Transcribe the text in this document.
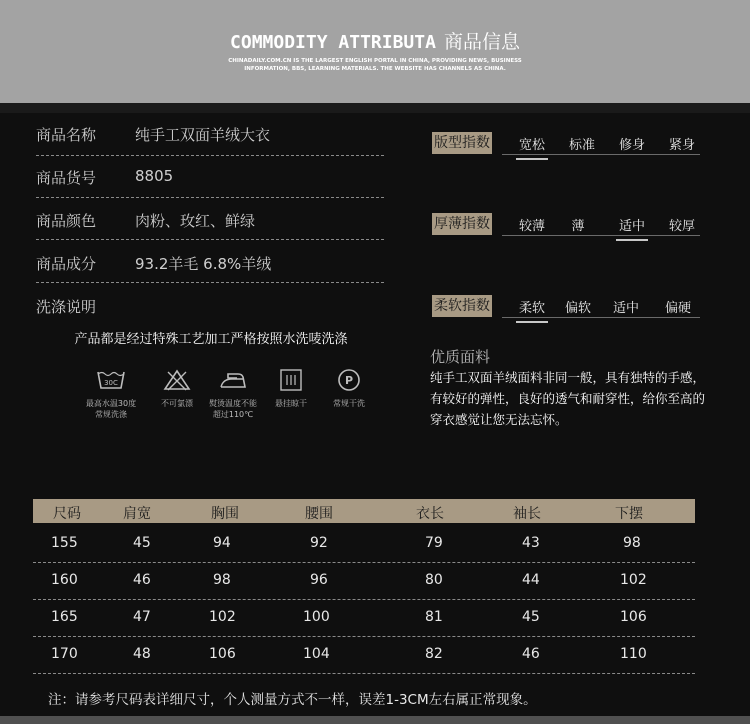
COMMODITY ATTRIBUTA 商品信息
CHINADAILY.COM.CN IS THE LARGEST ENGLISH PORTAL IN CHINA, PROVIDING NEWS, BUSINESS
INFORMATION, BBS, LEARNING MATERIALS. THE WEBSITE HAS CHANNELS AS CHINA.
商品名称	纯手工双面羊绒大衣
商品货号	8805
商品颜色	肉粉、玫红、鲜绿
商品成分	93.2羊毛 6.8%羊绒
洗涤说明
产品都是经过特殊工艺加工严格按照水洗唛洗涤
30C
最高水温30度
常规洗涤
不可氯漂	熨烫温度不能
超过110℃
悬挂晾干
P
常规干洗
版型指数	宽松	标准	修身	紧身
厚薄指数	较薄	薄	适中	较厚
柔软指数	柔软	偏软	适中	偏硬
优质面料
纯手工双面羊绒面料非同一般，具有独特的手感，有较好的弹性，良好的透气和耐穿性，给你至高的穿衣感觉让您无法忘怀。
尺码	肩宽	胸围	腰围	衣长	袖长	下摆
155	45	94	92	79	43	98
160	46	98	96	80	44	102
165	47	102	100	81	45	106
170	48	106	104	82	46	110
注：请参考尺码表详细尺寸，个人测量方式不一样，误差1-3CM左右属正常现象。
